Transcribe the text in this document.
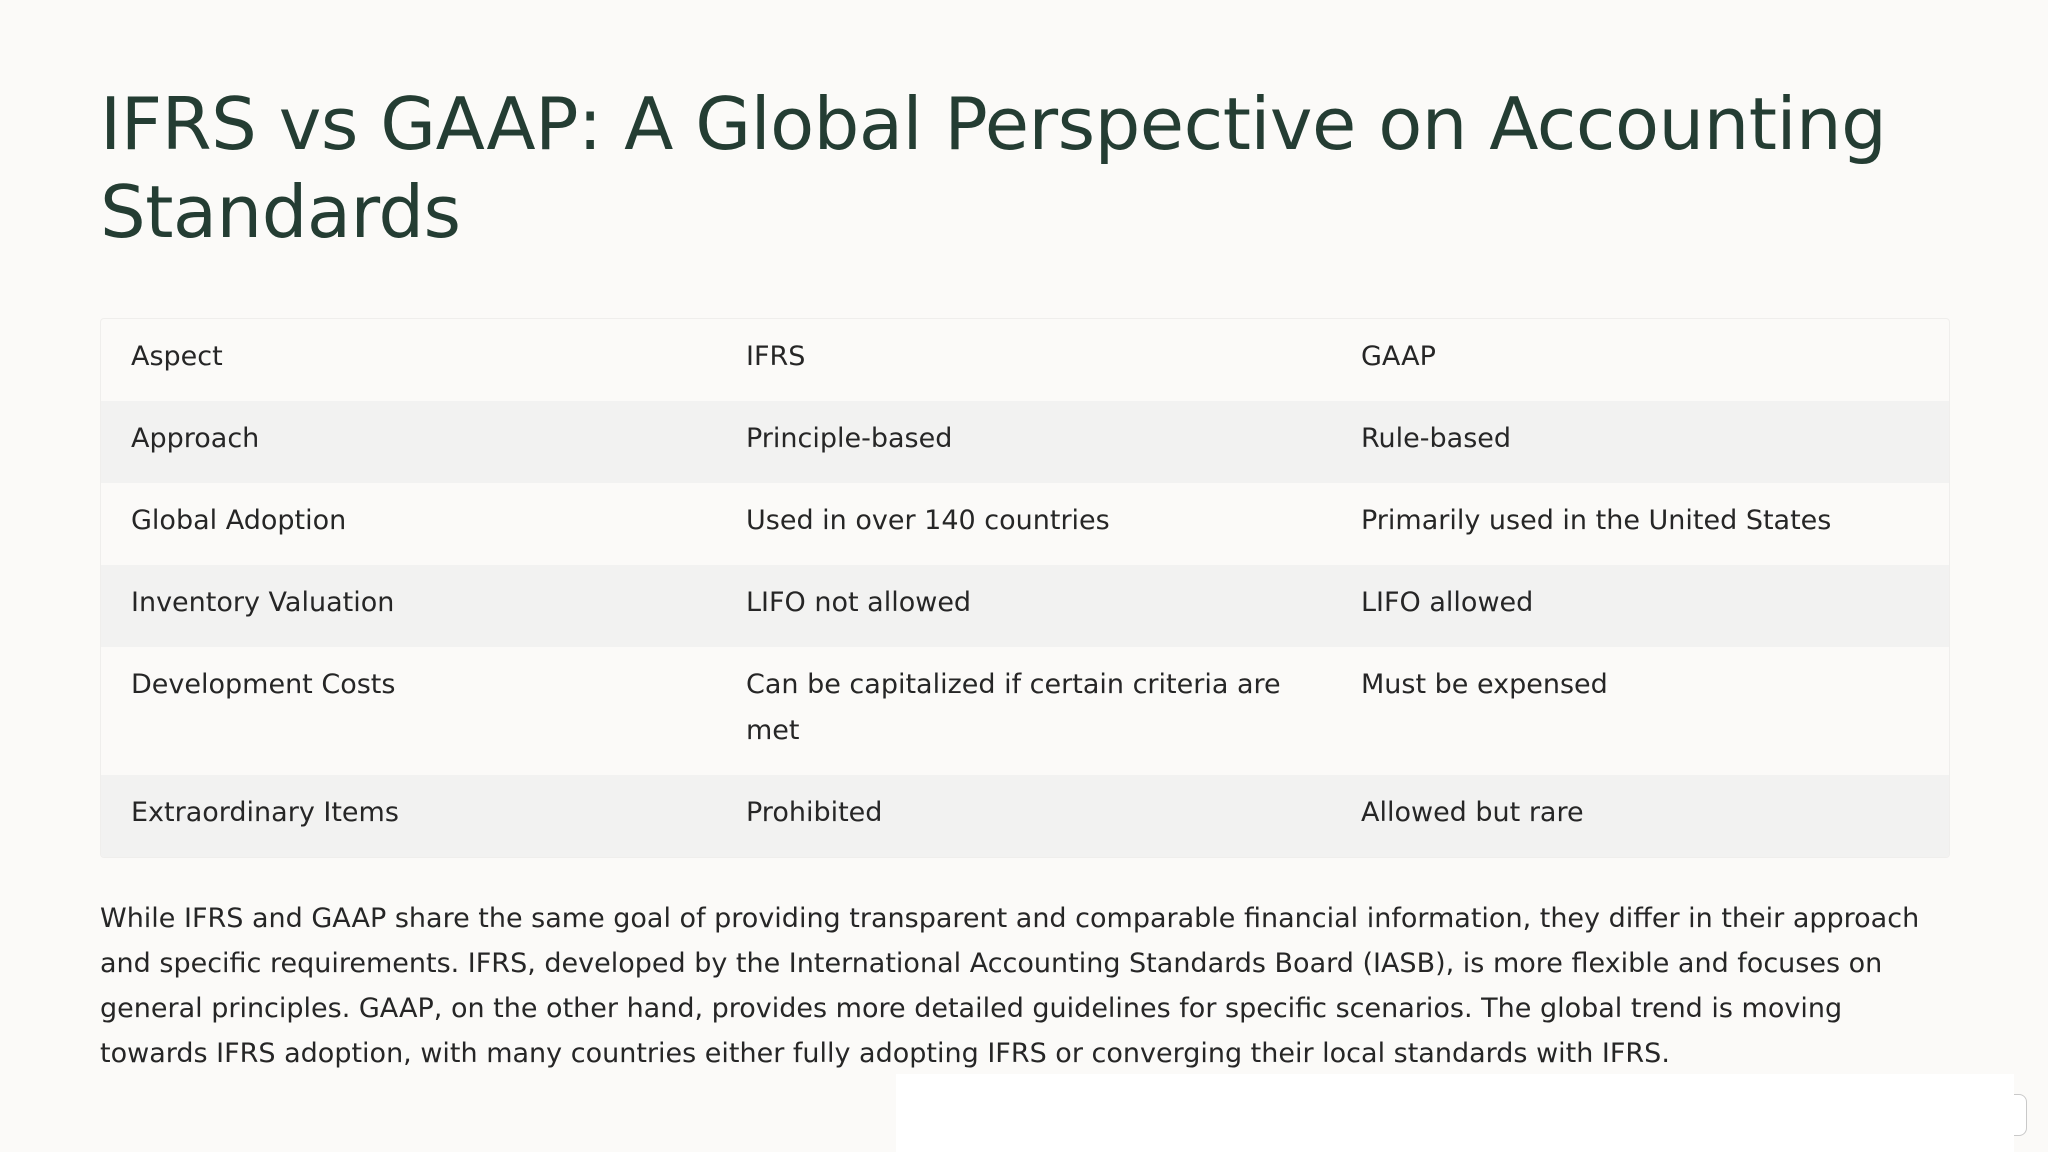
IFRS vs GAAP: A Global Perspective on Accounting Standards
Aspect	IFRS	GAAP
Approach	Principle-based	Rule-based
Global Adoption	Used in over 140 countries	Primarily used in the United States
Inventory Valuation	LIFO not allowed	LIFO allowed
Development Costs	Can be capitalized if certain criteria are met	Must be expensed
Extraordinary Items	Prohibited	Allowed but rare

While IFRS and GAAP share the same goal of providing transparent and comparable financial information, they differ in their approach and specific requirements. IFRS, developed by the International Accounting Standards Board (IASB), is more flexible and focuses on general principles. GAAP, on the other hand, provides more detailed guidelines for specific scenarios. The global trend is moving towards IFRS adoption, with many countries either fully adopting IFRS or converging their local standards with IFRS.
